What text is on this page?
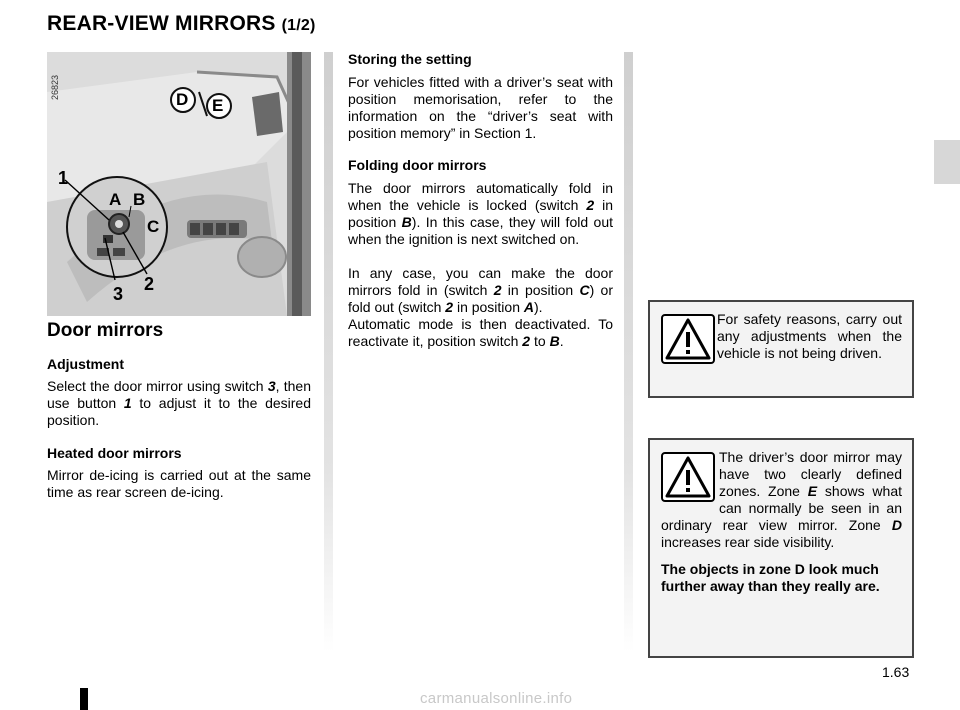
REAR-VIEW MIRRORS (1/2)
26823	D E
1
A B
C
2
3
Door mirrors
Adjustment
Select the door mirror using switch 3, then use button 1 to adjust it to the desired position.
Heated door mirrors
Mirror de-icing is carried out at the same time as rear screen de-icing.
Storing the setting
For vehicles fitted with a driver’s seat with position memorisation, refer to the information on the “driver’s seat with position memory” in Section 1.
Folding door mirrors
The door mirrors automatically fold in when the vehicle is locked (switch 2 in position B). In this case, they will fold out when the ignition is next switched on.
In any case, you can make the door mirrors fold in (switch 2 in position C) or fold out (switch 2 in position A).
Automatic mode is then deactivated. To reactivate it, position switch 2 to B.
For safety reasons, carry out any adjustments when the vehicle is not being driven.
The driver’s door mirror may have two clearly defined zones. Zone E shows what can normally be seen in an ordinary rear view mirror. Zone D increases rear side visibility.
The objects in zone D look much further away than they really are.
1.63
carmanualsonline.info
